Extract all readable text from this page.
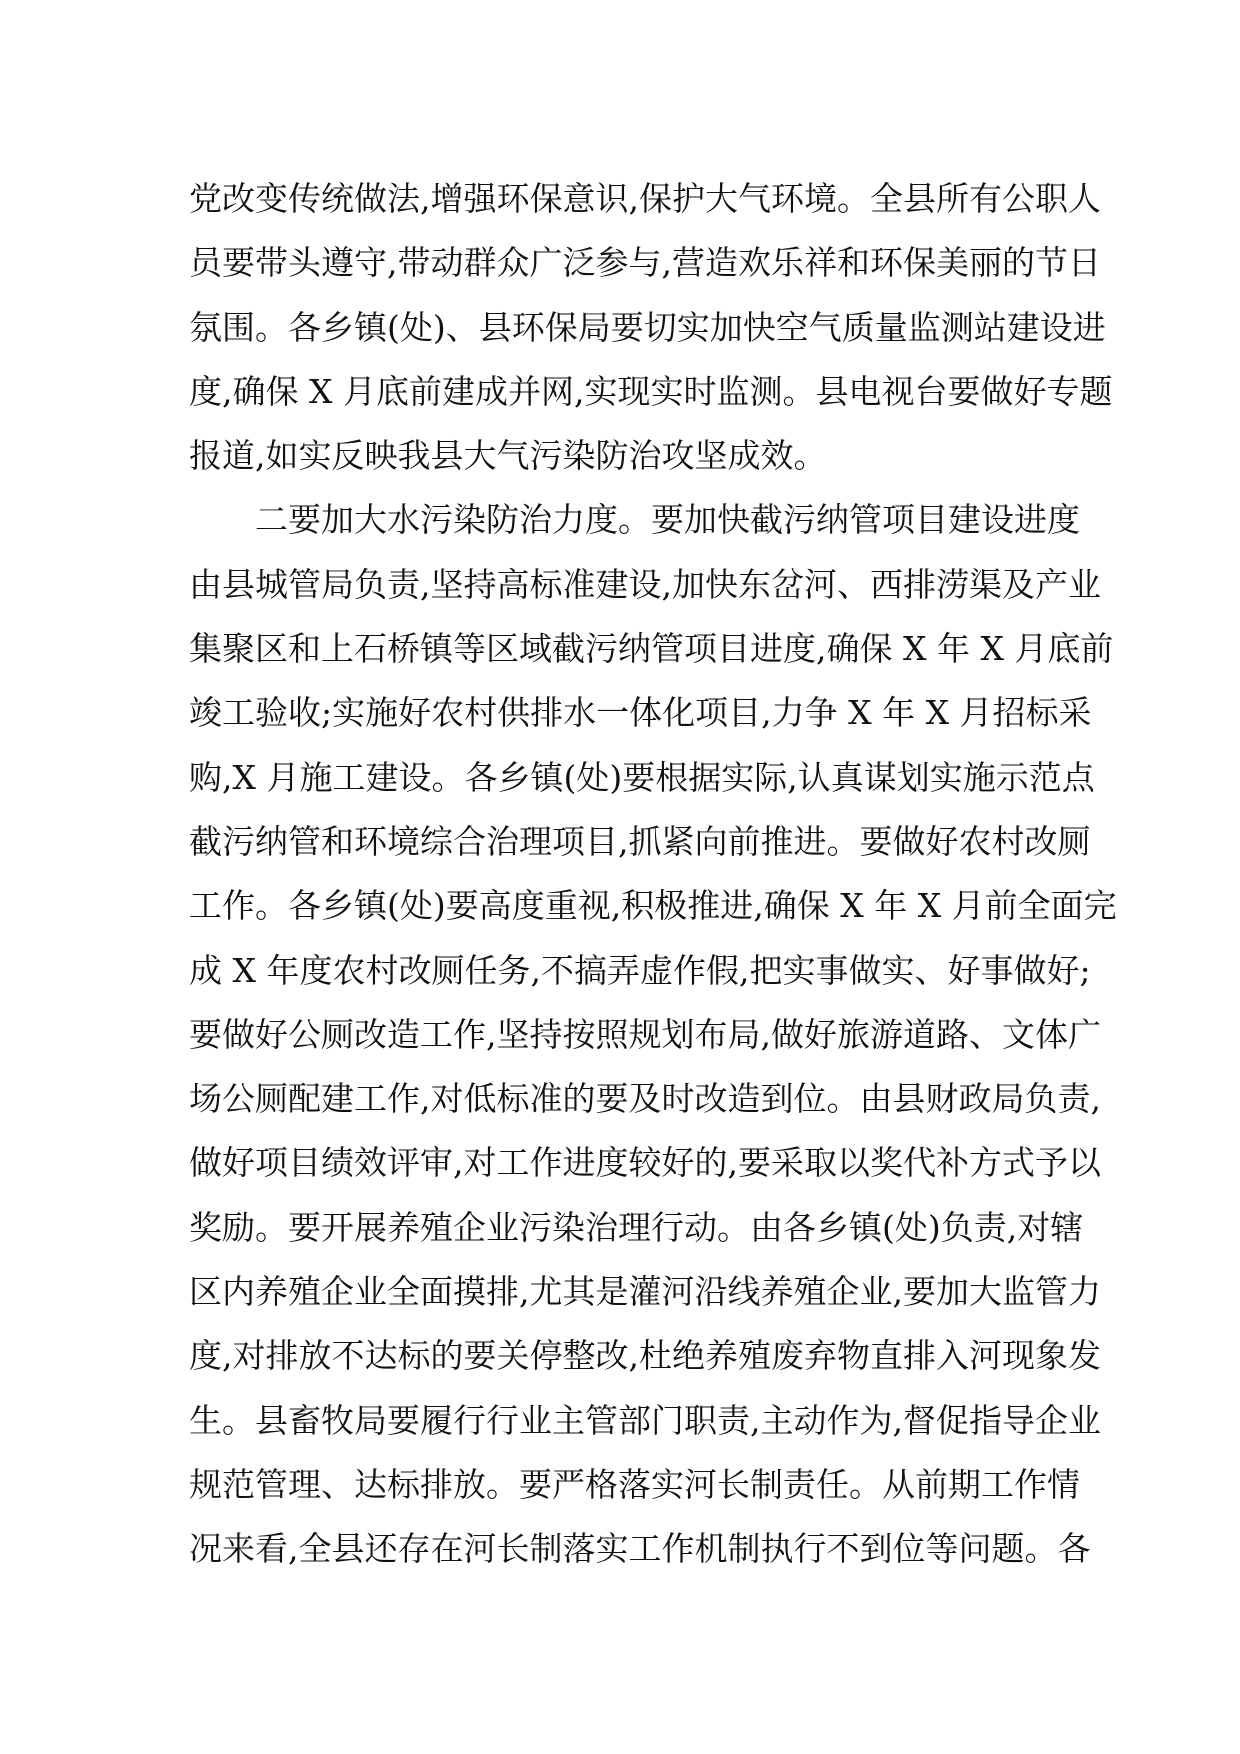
党改变传统做法,增强环保意识,保护大气环境。全县所有公职人
员要带头遵守,带动群众广泛参与,营造欢乐祥和环保美丽的节日
氛围。各乡镇(处)、县环保局要切实加快空气质量监测站建设进
度,确保 X 月底前建成并网,实现实时监测。县电视台要做好专题
报道,如实反映我县大气污染防治攻坚成效。
二要加大水污染防治力度。要加快截污纳管项目建设进度
由县城管局负责,坚持高标准建设,加快东岔河、西排涝渠及产业
集聚区和上石桥镇等区域截污纳管项目进度,确保 X 年 X 月底前
竣工验收;实施好农村供排水一体化项目,力争 X 年 X 月招标采
购,X 月施工建设。各乡镇(处)要根据实际,认真谋划实施示范点
截污纳管和环境综合治理项目,抓紧向前推进。要做好农村改厕
工作。各乡镇(处)要高度重视,积极推进,确保 X 年 X 月前全面完
成 X 年度农村改厕任务,不搞弄虚作假,把实事做实、好事做好;
要做好公厕改造工作,坚持按照规划布局,做好旅游道路、文体广
场公厕配建工作,对低标准的要及时改造到位。由县财政局负责,
做好项目绩效评审,对工作进度较好的,要采取以奖代补方式予以
奖励。要开展养殖企业污染治理行动。由各乡镇(处)负责,对辖
区内养殖企业全面摸排,尤其是灌河沿线养殖企业,要加大监管力
度,对排放不达标的要关停整改,杜绝养殖废弃物直排入河现象发
生。县畜牧局要履行行业主管部门职责,主动作为,督促指导企业
规范管理、达标排放。要严格落实河长制责任。从前期工作情
况来看,全县还存在河长制落实工作机制执行不到位等问题。各
